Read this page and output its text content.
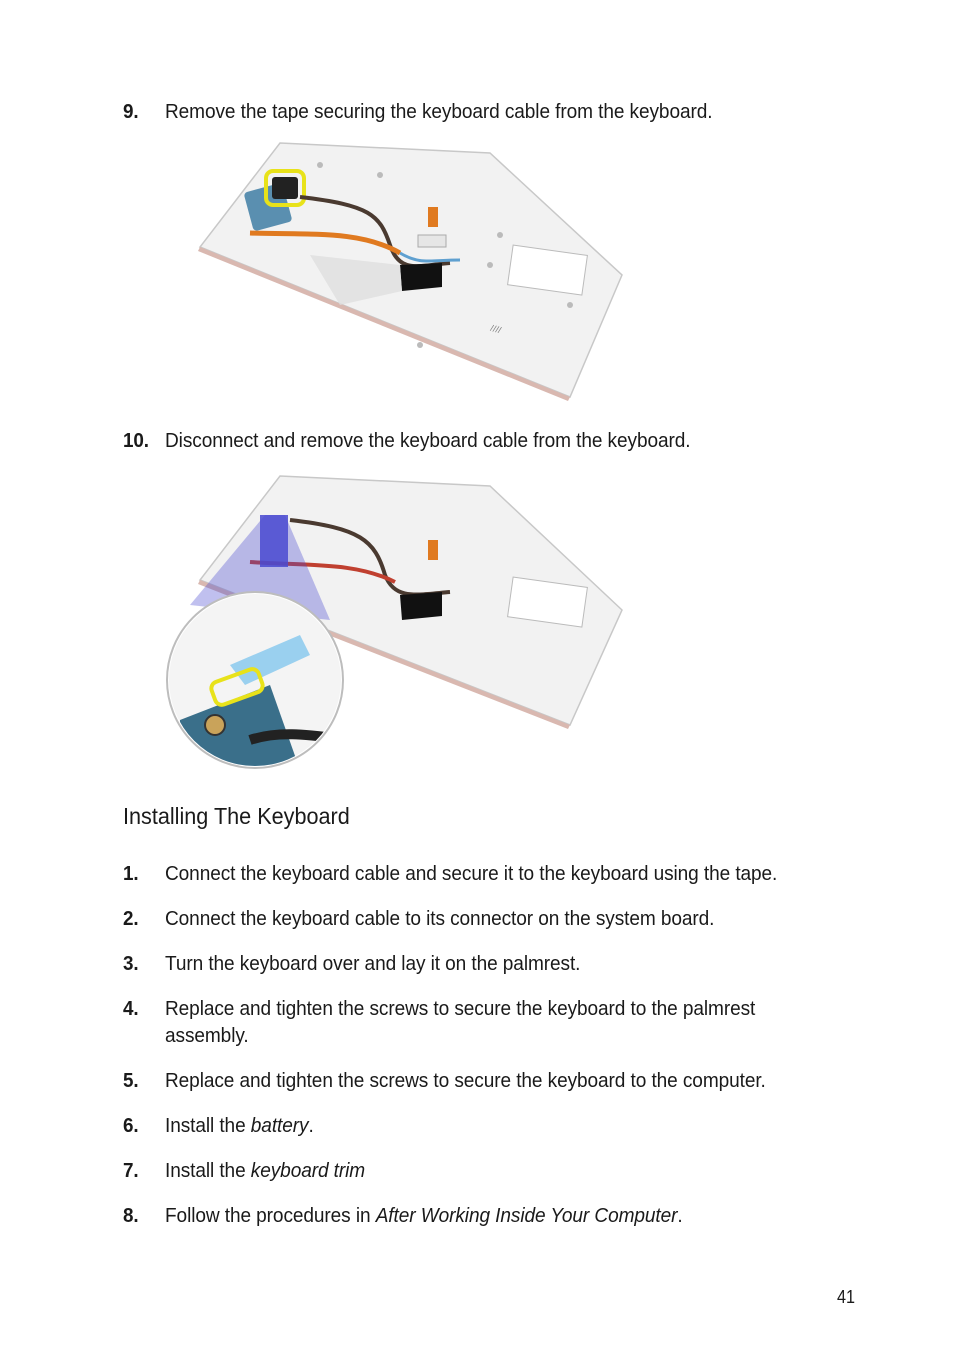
9.	Remove the tape securing the keyboard cable from the keyboard.
////
10. Disconnect and remove the keyboard cable from the keyboard.
Installing The Keyboard
1.	Connect the keyboard cable and secure it to the keyboard using the tape.
2.	Connect the keyboard cable to its connector on the system board.
3.	Turn the keyboard over and lay it on the palmrest.
4.	Replace and tighten the screws to secure the keyboard to the palmrest assembly.
5.	Replace and tighten the screws to secure the keyboard to the computer.
6.	Install the battery.
7.	Install the keyboard trim
8.	Follow the procedures in After Working Inside Your Computer.
41
